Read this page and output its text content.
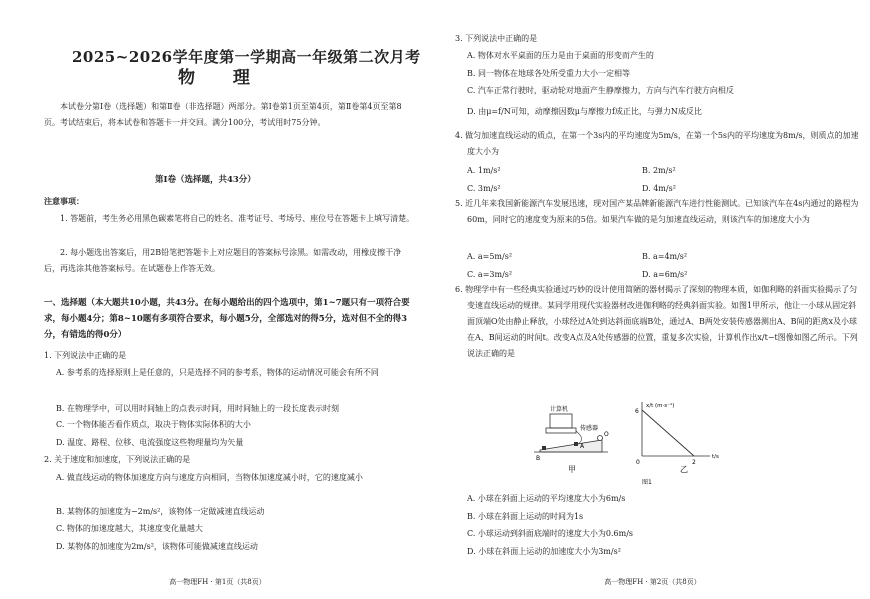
2025~2026学年度第一学期高一年级第二次月考
物 理
本试卷分第Ⅰ卷（选择题）和第Ⅱ卷（非选择题）两部分。第Ⅰ卷第1页至第4页，第Ⅱ卷第4页至第8页。考试结束后，将本试卷和答题卡一并交回。满分100分，考试用时75分钟。
第Ⅰ卷（选择题，共43分）
注意事项：
1. 答题前，考生务必用黑色碳素笔将自己的姓名、准考证号、考场号、座位号在答题卡上填写清楚。
2. 每小题选出答案后，用2B铅笔把答题卡上对应题目的答案标号涂黑。如需改动，用橡皮擦干净后，再选涂其他答案标号。在试题卷上作答无效。
一、选择题（本大题共10小题，共43分。在每小题给出的四个选项中，第1~7题只有一项符合要求，每小题4分；第8~10题有多项符合要求，每小题5分，全部选对的得5分，选对但不全的得3分，有错选的得0分）
1. 下列说法中正确的是
A. 参考系的选择原则上是任意的，只是选择不同的参考系，物体的运动情况可能会有所不同
B. 在物理学中，可以用时间轴上的点表示时间，用时间轴上的一段长度表示时刻
C. 一个物体能否看作质点，取决于物体实际体积的大小
D. 温度、路程、位移、电流强度这些物理量均为矢量
2. 关于速度和加速度，下列说法正确的是
A. 做直线运动的物体加速度方向与速度方向相同，当物体加速度减小时，它的速度减小
B. 某物体的加速度为−2m/s²，该物体一定做减速直线运动
C. 物体的加速度越大，其速度变化量越大
D. 某物体的加速度为2m/s²，该物体可能做减速直线运动
高一物理FH · 第1页（共8页）
3. 下列说法中正确的是
A. 物体对水平桌面的压力是由于桌面的形变而产生的
B. 同一物体在地球各处所受重力大小一定相等
C. 汽车正常行驶时，驱动轮对地面产生静摩擦力，方向与汽车行驶方向相反
D. 由μ=f/N可知，动摩擦因数μ与摩擦力f成正比，与弹力N成反比
4. 做匀加速直线运动的质点，在第一个3s内的平均速度为5m/s，在第一个5s内的平均速度为8m/s，则质点的加速度大小为
A. 1m/s²	B. 2m/s²
C. 3m/s²	D. 4m/s²
5. 近几年来我国新能源汽车发展迅速，现对国产某品牌新能源汽车进行性能测试。已知该汽车在4s内通过的路程为60m，同时它的速度变为原来的5倍。如果汽车做的是匀加速直线运动，则该汽车的加速度大小为
A. a=5m/s²	B. a=4m/s²
C. a=3m/s²	D. a=6m/s²
6. 物理学中有一些经典实验通过巧妙的设计使用简陋的器材揭示了深刻的物理本质，如伽利略的斜面实验揭示了匀变速直线运动的规律。某同学用现代实验器材改进伽利略的经典斜面实验。如图1甲所示，他让一小球从固定斜面顶端O处由静止释放，小球经过A处到达斜面底端B处，通过A、B两处安装传感器测出A、B间的距离x及小球在A、B间运动的时间t。改变A点及A处传感器的位置，重复多次实验，计算机作出x/t−t图像如图乙所示。下列说法正确的是
计算机
传感器
O
A
B
甲
x/t (m·s⁻¹)
t/s
6
2
0
乙
图1
A. 小球在斜面上运动的平均速度大小为6m/s
B. 小球在斜面上运动的时间为1s
C. 小球运动到斜面底端时的速度大小为0.6m/s
D. 小球在斜面上运动的加速度大小为3m/s²
高一物理FH · 第2页（共8页）
